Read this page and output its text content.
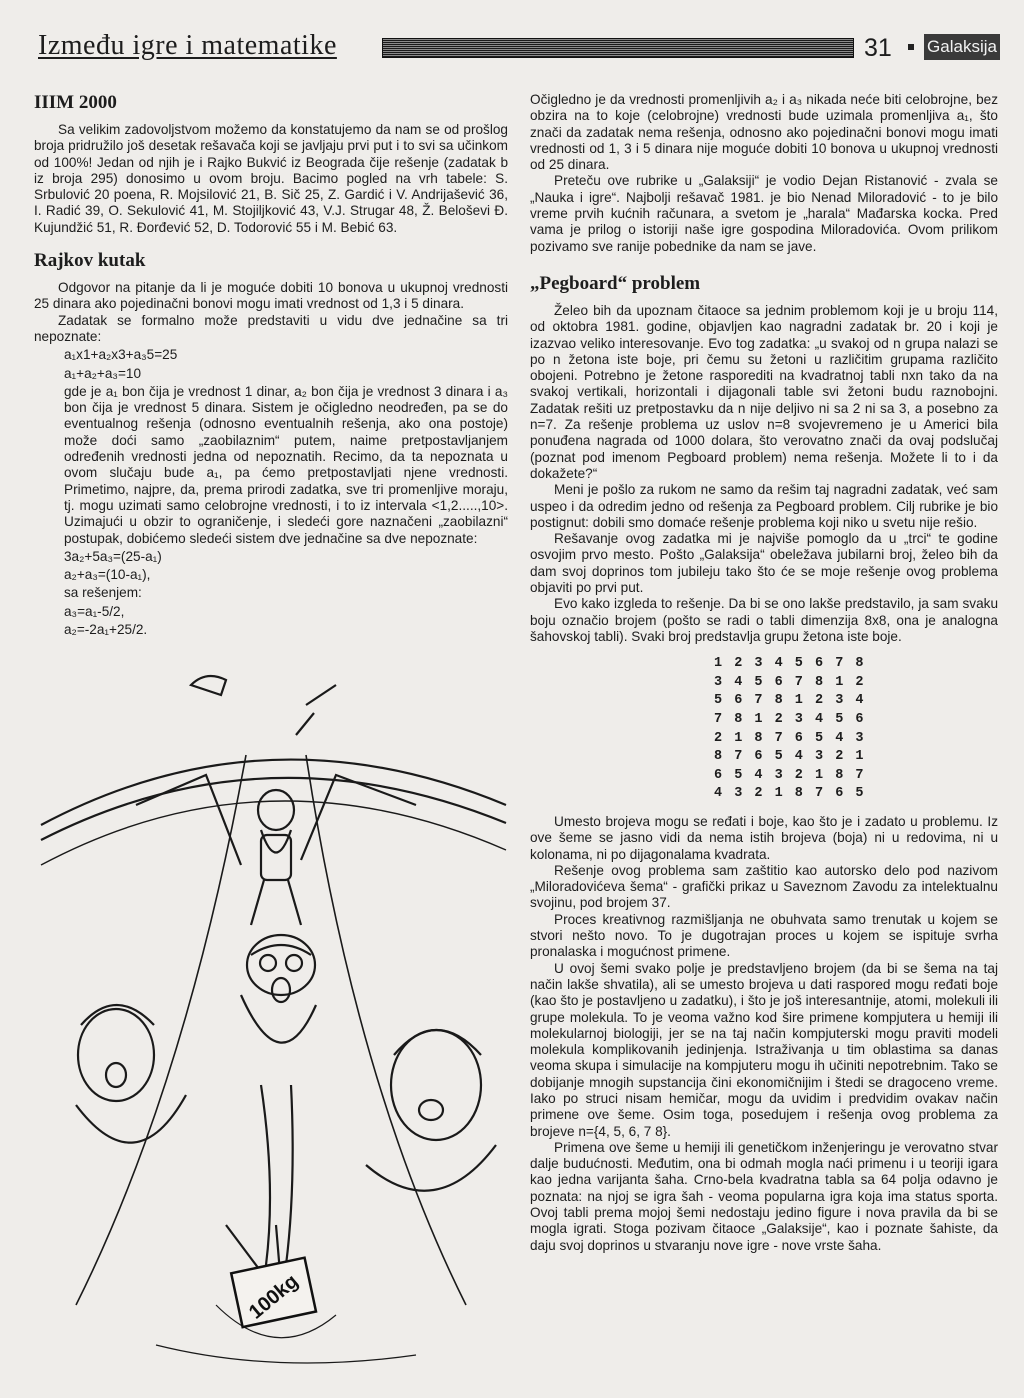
Između igre i matematike	31 Galaksija
IIIM 2000

Sa velikim zadovoljstvom možemo da konstatujemo da nam se od prošlog broja pridružilo još desetak rešavača koji se javljaju prvi put i to svi sa učinkom od 100%! Jedan od njih je i Rajko Bukvić iz Beograda čije rešenje (zadatak b iz broja 295) donosimo u ovom broju. Bacimo pogled na vrh tabele: S. Srbulović 20 poena, R. Mojsilović 21, B. Sič 25, Z. Gardić i V. Andrijašević 36, I. Radić 39, O. Sekulović 41, M. Stojiljković 43, V.J. Strugar 48, Ž. Beloševi Đ. Kujundžić 51, R. Đorđević 52, D. Todorović 55 i M. Bebić 63.

Rajkov kutak

Odgovor na pitanje da li je moguće dobiti 10 bonova u ukupnoj vrednosti 25 dinara ako pojedinačni bonovi mogu imati vrednost od 1,3 i 5 dinara.

Zadatak se formalno može predstaviti u vidu dve jednačine sa tri nepoznate:

a₁x1+a₂x3+a₃5=25
a₁+a₂+a₃=10

gde je a₁ bon čija je vrednost 1 dinar, a₂ bon čija je vrednost 3 dinara i a₃ bon čija je vrednost 5 dinara. Sistem je očigledno neodređen, pa se do eventualnog rešenja (odnosno eventualnih rešenja, ako ona postoje) može doći samo „zaobilaznim“ putem, naime pretpostavljanjem određenih vrednosti jedna od nepoznatih. Recimo, da ta nepoznata u ovom slučaju bude a₁, pa ćemo pretpostavljati njene vrednosti. Primetimo, najpre, da, prema prirodi zadatka, sve tri promenljive moraju, tj. mogu uzimati samo celobrojne vrednosti, i to iz intervala <1,2.....,10>. Uzimajući u obzir to ograničenje, i sledeći gore naznačeni „zaobilazni“ postupak, dobićemo sledeći sistem dve jednačine sa dve nepoznate:

3a₂+5a₃=(25-a₁)
a₂+a₃=(10-a₁),
sa rešenjem:
a₃=a₁-5/2,
a₂=-2a₁+25/2.
100kg

Očigledno je da vrednosti promenljivih a₂ i a₃ nikada neće biti celobrojne, bez obzira na to koje (celobrojne) vrednosti bude uzimala promenljiva a₁, što znači da zadatak nema rešenja, odnosno ako pojedinačni bonovi mogu imati vrednosti od 1, 3 i 5 dinara nije moguće dobiti 10 bonova u ukupnoj vrednosti od 25 dinara.

Preteču ove rubrike u „Galaksiji“ je vodio Dejan Ristanović - zvala se „Nauka i igre“. Najbolji rešavač 1981. je bio Nenad Miloradović - to je bilo vreme prvih kućnih računara, a svetom je „harala“ Mađarska kocka. Pred vama je prilog o istoriji naše igre gospodina Miloradovića. Ovom prilikom pozivamo sve ranije pobednike da nam se jave.

„Pegboard“ problem

Želeo bih da upoznam čitaoce sa jednim problemom koji je u broju 114, od oktobra 1981. godine, objavljen kao nagradni zadatak br. 20 i koji je izazvao veliko interesovanje. Evo tog zadatka: „u svakoj od n grupa nalazi se po n žetona iste boje, pri čemu su žetoni u različitim grupama različito obojeni. Potrebno je žetone rasporediti na kvadratnoj tabli nxn tako da na svakoj vertikali, horizontali i dijagonali table svi žetoni budu raznobojni. Zadatak rešiti uz pretpostavku da n nije deljivo ni sa 2 ni sa 3, a posebno za n=7. Za rešenje problema uz uslov n=8 svojevremeno je u Americi bila ponuđena nagrada od 1000 dolara, što verovatno znači da ovaj podslučaj (poznat pod imenom Pegboard problem) nema rešenja. Možete li to i da dokažete?“

Meni je pošlo za rukom ne samo da rešim taj nagradni zadatak, već sam uspeo i da odredim jedno od rešenja za Pegboard problem. Cilj rubrike je bio postignut: dobili smo domaće rešenje problema koji niko u svetu nije rešio.

Rešavanje ovog zadatka mi je najviše pomoglo da u „trci“ te godine osvojim prvo mesto. Pošto „Galaksija“ obeležava jubilarni broj, želeo bih da dam svoj doprinos tom jubileju tako što će se moje rešenje ovog problema objaviti po prvi put.

Evo kako izgleda to rešenje. Da bi se ono lakše predstavilo, ja sam svaku boju označio brojem (pošto se radi o tabli dimenzija 8x8, ona je analogna šahovskoj tabli). Svaki broj predstavlja grupu žetona iste boje.

1 2 3 4 5 6 7 8
3 4 5 6 7 8 1 2
5 6 7 8 1 2 3 4
7 8 1 2 3 4 5 6
2 1 8 7 6 5 4 3
8 7 6 5 4 3 2 1
6 5 4 3 2 1 8 7
4 3 2 1 8 7 6 5

Umesto brojeva mogu se ređati i boje, kao što je i zadato u problemu. Iz ove šeme se jasno vidi da nema istih brojeva (boja) ni u redovima, ni u kolonama, ni po dijagonalama kvadrata.

Rešenje ovog problema sam zaštitio kao autorsko delo pod nazivom „Miloradovićeva šema“ - grafički prikaz u Saveznom Zavodu za intelektualnu svojinu, pod brojem 37.

Proces kreativnog razmišljanja ne obuhvata samo trenutak u kojem se stvori nešto novo. To je dugotrajan proces u kojem se ispituje svrha pronalaska i mogućnost primene.

U ovoj šemi svako polje je predstavljeno brojem (da bi se šema na taj način lakše shvatila), ali se umesto brojeva u dati raspored mogu ređati boje (kao što je postavljeno u zadatku), i što je još interesantnije, atomi, molekuli ili grupe molekula. To je veoma važno kod šire primene kompjutera u hemiji ili molekularnoj biologiji, jer se na taj način kompjuterski mogu praviti modeli molekula komplikovanih jedinjenja. Istraživanja u tim oblastima sa danas veoma skupa i simulacije na kompjuteru mogu ih učiniti nepotrebnim. Tako se dobijanje mnogih supstancija čini ekonomičnijim i štedi se dragoceno vreme. Iako po struci nisam hemičar, mogu da uvidim i predvidim ovakav način primene ove šeme. Osim toga, posedujem i rešenja ovog problema za brojeve n={4, 5, 6, 7 8}.

Primena ove šeme u hemiji ili genetičkom inženjeringu je verovatno stvar dalje budućnosti. Međutim, ona bi odmah mogla naći primenu i u teoriji igara kao jedna varijanta šaha. Crno-bela kvadratna tabla sa 64 polja odavno je poznata: na njoj se igra šah - veoma popularna igra koja ima status sporta. Ovoj tabli prema mojoj šemi nedostaju jedino figure i nova pravila da bi se mogla igrati. Stoga pozivam čitaoce „Galaksije“, kao i poznate šahiste, da daju svoj doprinos u stvaranju nove igre - nove vrste šaha.
